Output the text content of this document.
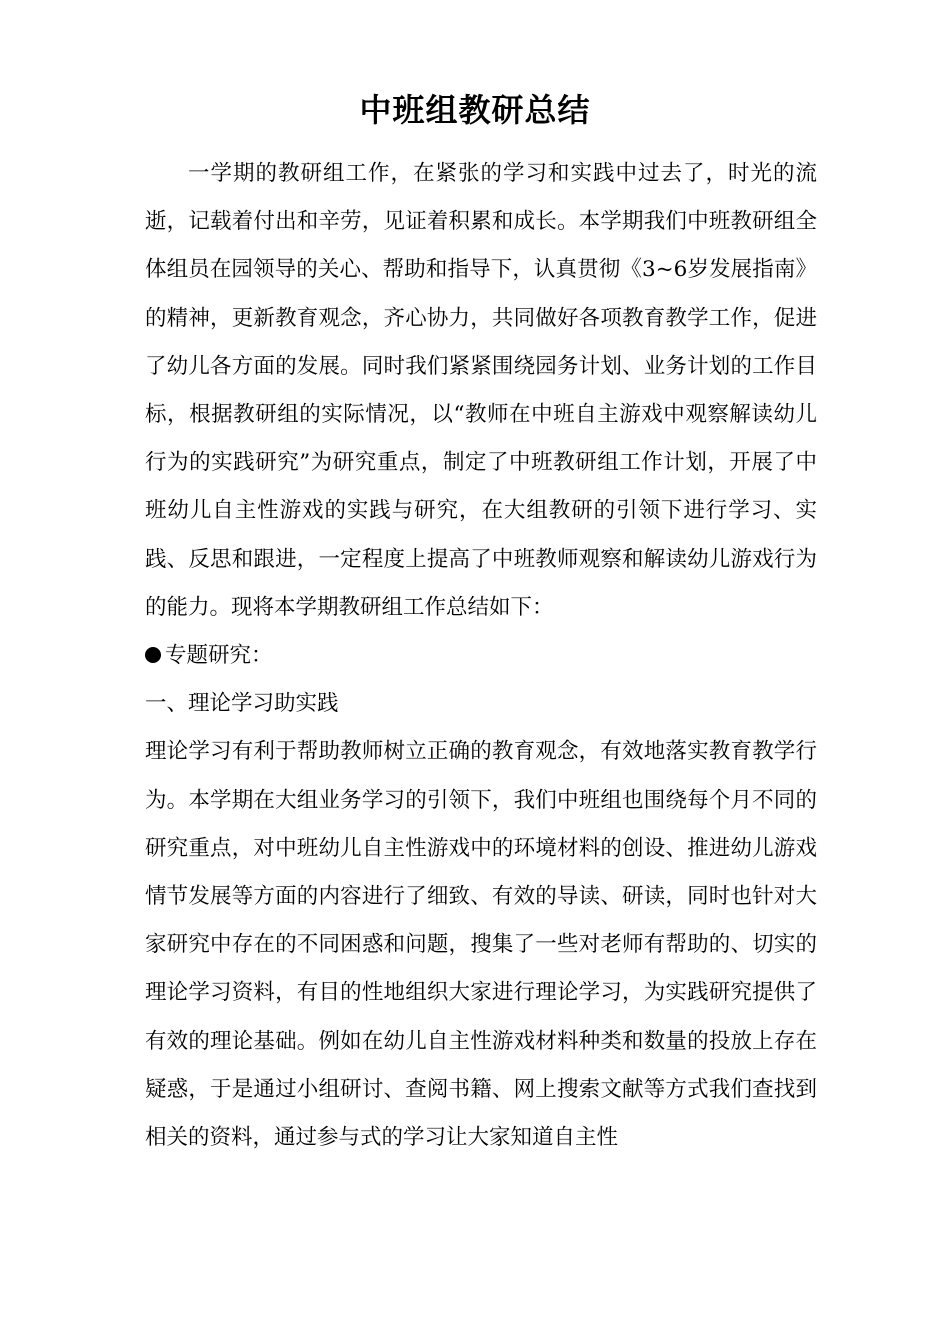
中班组教研总结

一学期的教研组工作，在紧张的学习和实践中过去了，时光的流逝，记载着付出和辛劳，见证着积累和成长。本学期我们中班教研组全体组员在园领导的关心、帮助和指导下，认真贯彻《3~6岁发展指南》的精神，更新教育观念，齐心协力，共同做好各项教育教学工作，促进了幼儿各方面的发展。同时我们紧紧围绕园务计划、业务计划的工作目标，根据教研组的实际情况，以“教师在中班自主游戏中观察解读幼儿行为的实践研究”为研究重点，制定了中班教研组工作计划，开展了中班幼儿自主性游戏的实践与研究，在大组教研的引领下进行学习、实践、反思和跟进，一定程度上提高了中班教师观察和解读幼儿游戏行为的能力。现将本学期教研组工作总结如下：

专题研究：

一、理论学习助实践

理论学习有利于帮助教师树立正确的教育观念，有效地落实教育教学行为。本学期在大组业务学习的引领下，我们中班组也围绕每个月不同的研究重点，对中班幼儿自主性游戏中的环境材料的创设、推进幼儿游戏情节发展等方面的内容进行了细致、有效的导读、研读，同时也针对大家研究中存在的不同困惑和问题，搜集了一些对老师有帮助的、切实的理论学习资料，有目的性地组织大家进行理论学习，为实践研究提供了有效的理论基础。例如在幼儿自主性游戏材料种类和数量的投放上存在疑惑，于是通过小组研讨、查阅书籍、网上搜索文献等方式我们查找到相关的资料，通过参与式的学习让大家知道自主性
